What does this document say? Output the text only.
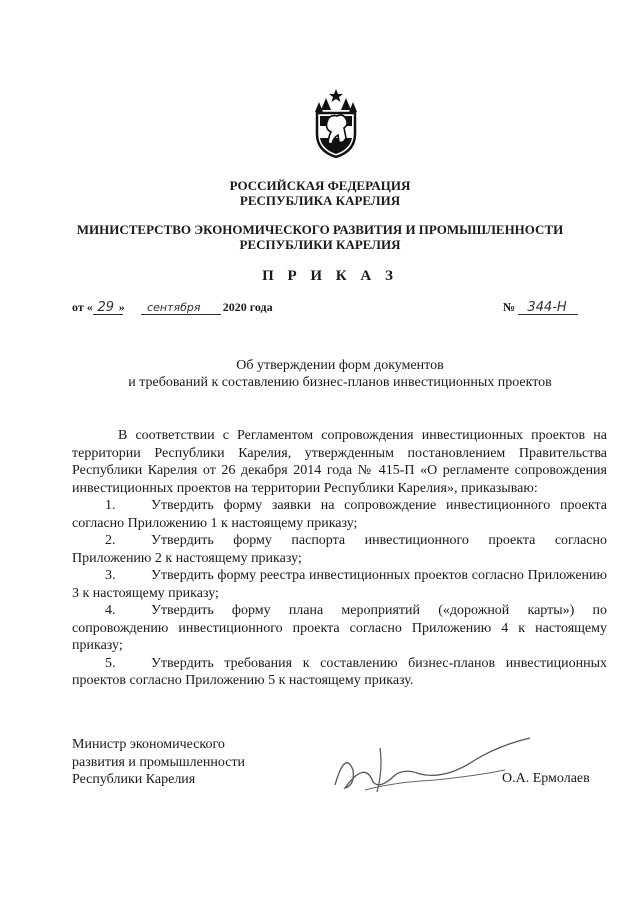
РОССИЙСКАЯ ФЕДЕРАЦИЯ
РЕСПУБЛИКА КАРЕЛИЯ
МИНИСТЕРСТВО ЭКОНОМИЧЕСКОГО РАЗВИТИЯ И ПРОМЫШЛЕННОСТИ
РЕСПУБЛИКИ КАРЕЛИЯ
П Р И К А З
от « 29 » сентября 2020 года	№ 344-Н
Об утверждении форм документов
и требований к составлению бизнес-планов инвестиционных проектов

В соответствии с Регламентом сопровождения инвестиционных проектов на территории Республики Карелия, утвержденным постановлением Правительства Республики Карелия от 26 декабря 2014 года № 415-П «О регламенте сопровождения инвестиционных проектов на территории Республики Карелия», приказываю:

1.	Утвердить форму заявки на сопровождение инвестиционного проекта согласно Приложению 1 к настоящему приказу;

2.	Утвердить форму паспорта инвестиционного проекта согласно Приложению 2 к настоящему приказу;

3.	Утвердить форму реестра инвестиционных проектов согласно Приложению 3 к настоящему приказу;

4.	Утвердить форму плана мероприятий («дорожной карты») по сопровождению инвестиционного проекта согласно Приложению 4 к настоящему приказу;

5.	Утвердить требования к составлению бизнес-планов инвестиционных проектов согласно Приложению 5 к настоящему приказу.

Министр экономического
развития и промышленности
Республики Карелия	О.А. Ермолаев
